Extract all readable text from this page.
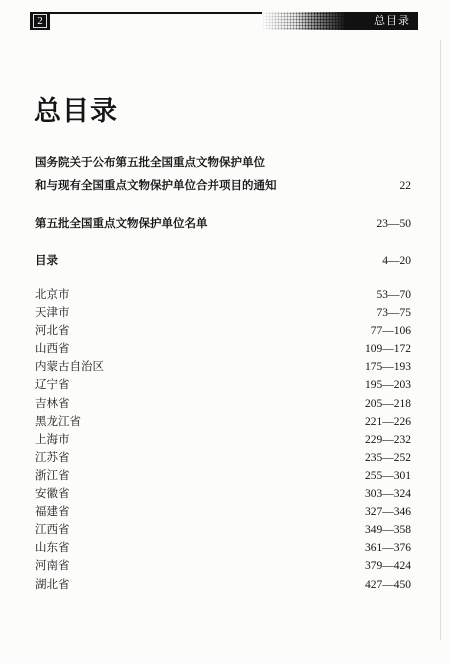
2	总目录
总目录
国务院关于公布第五批全国重点文物保护单位
和与现有全国重点文物保护单位合并项目的通知	22
第五批全国重点文物保护单位名单	23—50
目录	4—20
北京市	53—70
天津市	73—75
河北省	77—106
山西省	109—172
内蒙古自治区	175—193
辽宁省	195—203
吉林省	205—218
黑龙江省	221—226
上海市	229—232
江苏省	235—252
浙江省	255—301
安徽省	303—324
福建省	327—346
江西省	349—358
山东省	361—376
河南省	379—424
湖北省	427—450
